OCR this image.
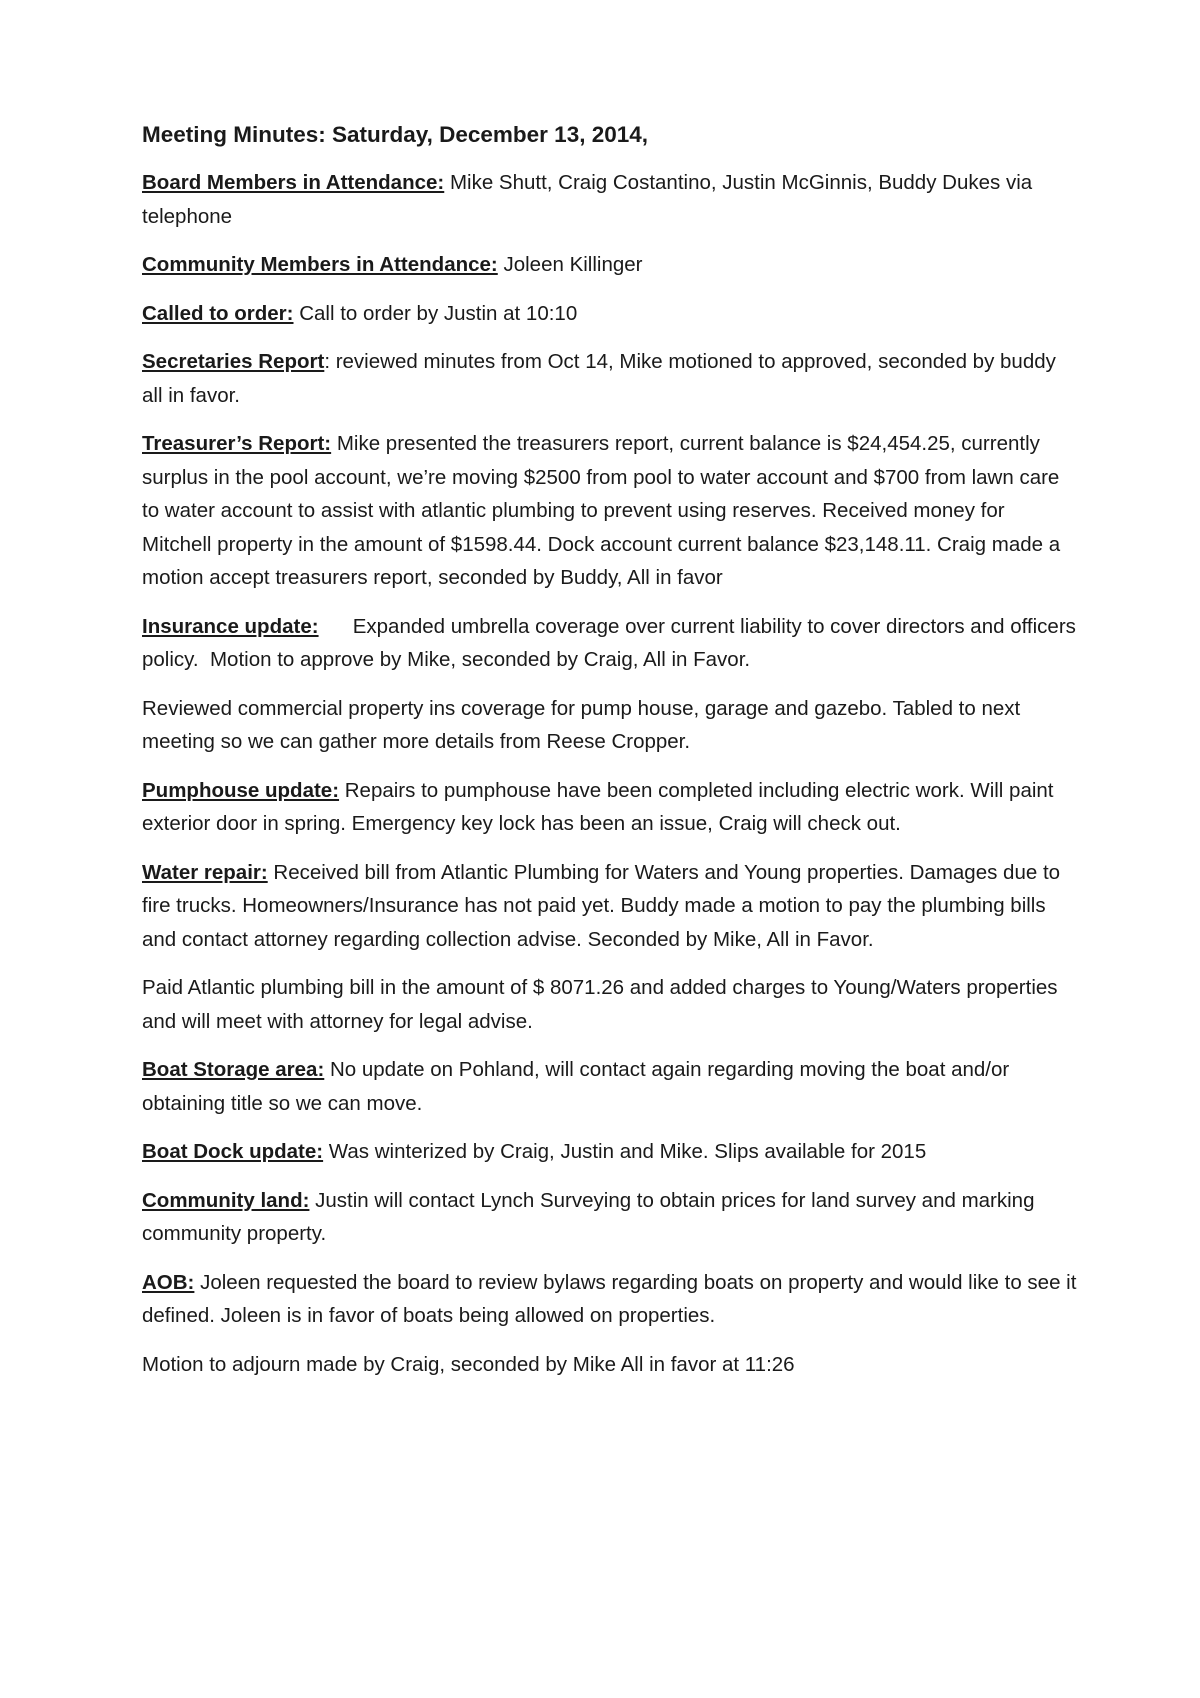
Meeting Minutes: Saturday, December 13, 2014,

Board Members in Attendance: Mike Shutt, Craig Costantino, Justin McGinnis, Buddy Dukes via telephone

Community Members in Attendance: Joleen Killinger

Called to order: Call to order by Justin at 10:10

Secretaries Report: reviewed minutes from Oct 14, Mike motioned to approved, seconded by buddy all in favor.

Treasurer’s Report: Mike presented the treasurers report, current balance is $24,454.25, currently surplus in the pool account, we’re moving $2500 from pool to water account and $700 from lawn care to water account to assist with atlantic plumbing to prevent using reserves. Received money for Mitchell property in the amount of $1598.44. Dock account current balance $23,148.11. Craig made a motion accept treasurers report, seconded by Buddy, All in favor

Insurance update:      Expanded umbrella coverage over current liability to cover directors and officers policy.  Motion to approve by Mike, seconded by Craig, All in Favor.

Reviewed commercial property ins coverage for pump house, garage and gazebo. Tabled to next meeting so we can gather more details from Reese Cropper.

Pumphouse update: Repairs to pumphouse have been completed including electric work. Will paint exterior door in spring. Emergency key lock has been an issue, Craig will check out.

Water repair: Received bill from Atlantic Plumbing for Waters and Young properties. Damages due to fire trucks. Homeowners/Insurance has not paid yet. Buddy made a motion to pay the plumbing bills and contact attorney regarding collection advise. Seconded by Mike, All in Favor.

Paid Atlantic plumbing bill in the amount of $ 8071.26 and added charges to Young/Waters properties and will meet with attorney for legal advise.

Boat Storage area: No update on Pohland, will contact again regarding moving the boat and/or obtaining title so we can move.

Boat Dock update: Was winterized by Craig, Justin and Mike. Slips available for 2015

Community land: Justin will contact Lynch Surveying to obtain prices for land survey and marking community property.

AOB: Joleen requested the board to review bylaws regarding boats on property and would like to see it defined. Joleen is in favor of boats being allowed on properties.

Motion to adjourn made by Craig, seconded by Mike All in favor at 11:26
